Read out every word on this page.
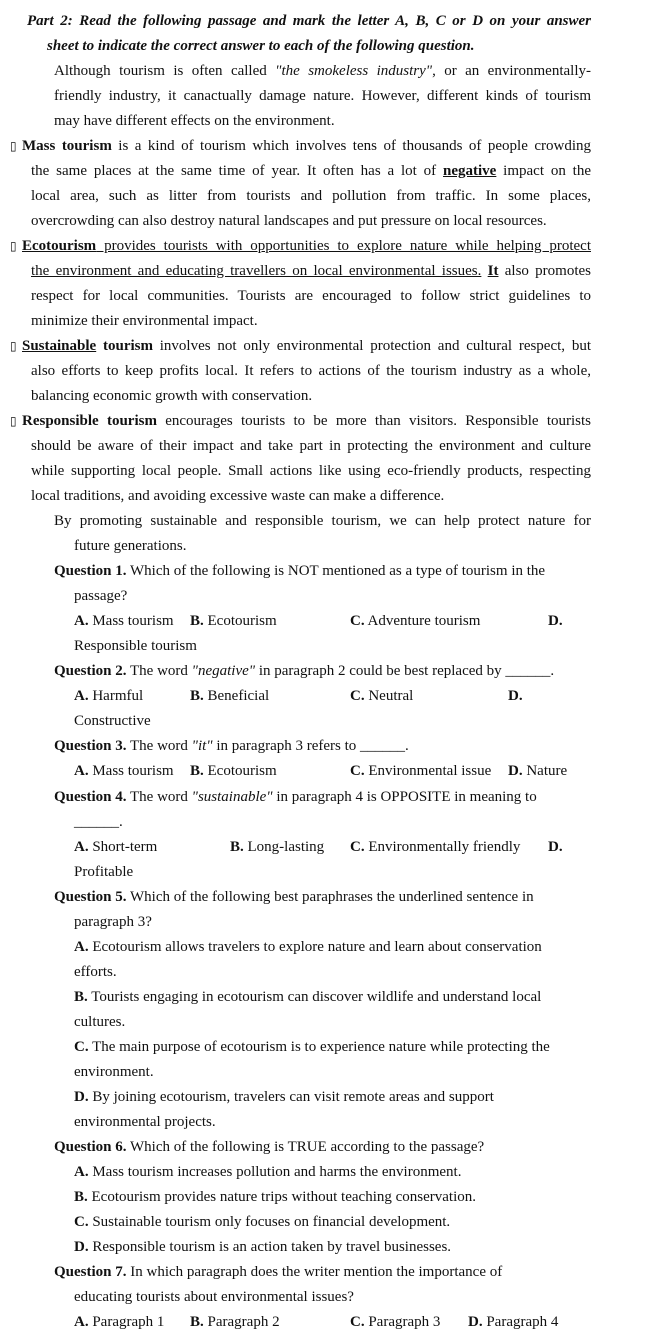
Part 2: Read the following passage and mark the letter A, B, C or D on your answer
sheet to indicate the correct answer to each of the following question.
Although tourism is often called "the smokeless industry", or an environmentally-
friendly industry, it canactually damage nature. However, different kinds of tourism
may have different effects on the environment.
▯ Mass tourism is a kind of tourism which involves tens of thousands of people crowding
the same places at the same time of year. It often has a lot of negative impact on the
local area, such as litter from tourists and pollution from traffic. In some places,
overcrowding can also destroy natural landscapes and put pressure on local resources.
▯ Ecotourism provides tourists with opportunities to explore nature while helping protect
the environment and educating travellers on local environmental issues. It also promotes
respect for local communities. Tourists are encouraged to follow strict guidelines to
minimize their environmental impact.
▯ Sustainable tourism involves not only environmental protection and cultural respect, but
also efforts to keep profits local. It refers to actions of the tourism industry as a whole,
balancing economic growth with conservation.
▯ Responsible tourism encourages tourists to be more than visitors. Responsible tourists
should be aware of their impact and take part in protecting the environment and culture
while supporting local people. Small actions like using eco-friendly products, respecting
local traditions, and avoiding excessive waste can make a difference.
By promoting sustainable and responsible tourism, we can help protect nature for
future generations.
Question 1. Which of the following is NOT mentioned as a type of tourism in the
passage?
A. Mass tourism B. Ecotourism	C. Adventure tourism	D.
Responsible tourism
Question 2. The word "negative" in paragraph 2 could be best replaced by ______.
A. Harmful	B. Beneficial	C. Neutral	D.
Constructive
Question 3. The word "it" in paragraph 3 refers to ______.
A. Mass tourism B. Ecotourism	C. Environmental issue D. Nature
Question 4. The word "sustainable" in paragraph 4 is OPPOSITE in meaning to
______.
A. Short-term	B. Long-lasting C. Environmentally friendly D.
Profitable
Question 5. Which of the following best paraphrases the underlined sentence in
paragraph 3?
A. Ecotourism allows travelers to explore nature and learn about conservation
efforts.
B. Tourists engaging in ecotourism can discover wildlife and understand local
cultures.
C. The main purpose of ecotourism is to experience nature while protecting the
environment.
D. By joining ecotourism, travelers can visit remote areas and support
environmental projects.
Question 6. Which of the following is TRUE according to the passage?
A. Mass tourism increases pollution and harms the environment.
B. Ecotourism provides nature trips without teaching conservation.
C. Sustainable tourism only focuses on financial development.
D. Responsible tourism is an action taken by travel businesses.
Question 7. In which paragraph does the writer mention the importance of
educating tourists about environmental issues?
A. Paragraph 1 B. Paragraph 2	C. Paragraph 3 D. Paragraph 4
